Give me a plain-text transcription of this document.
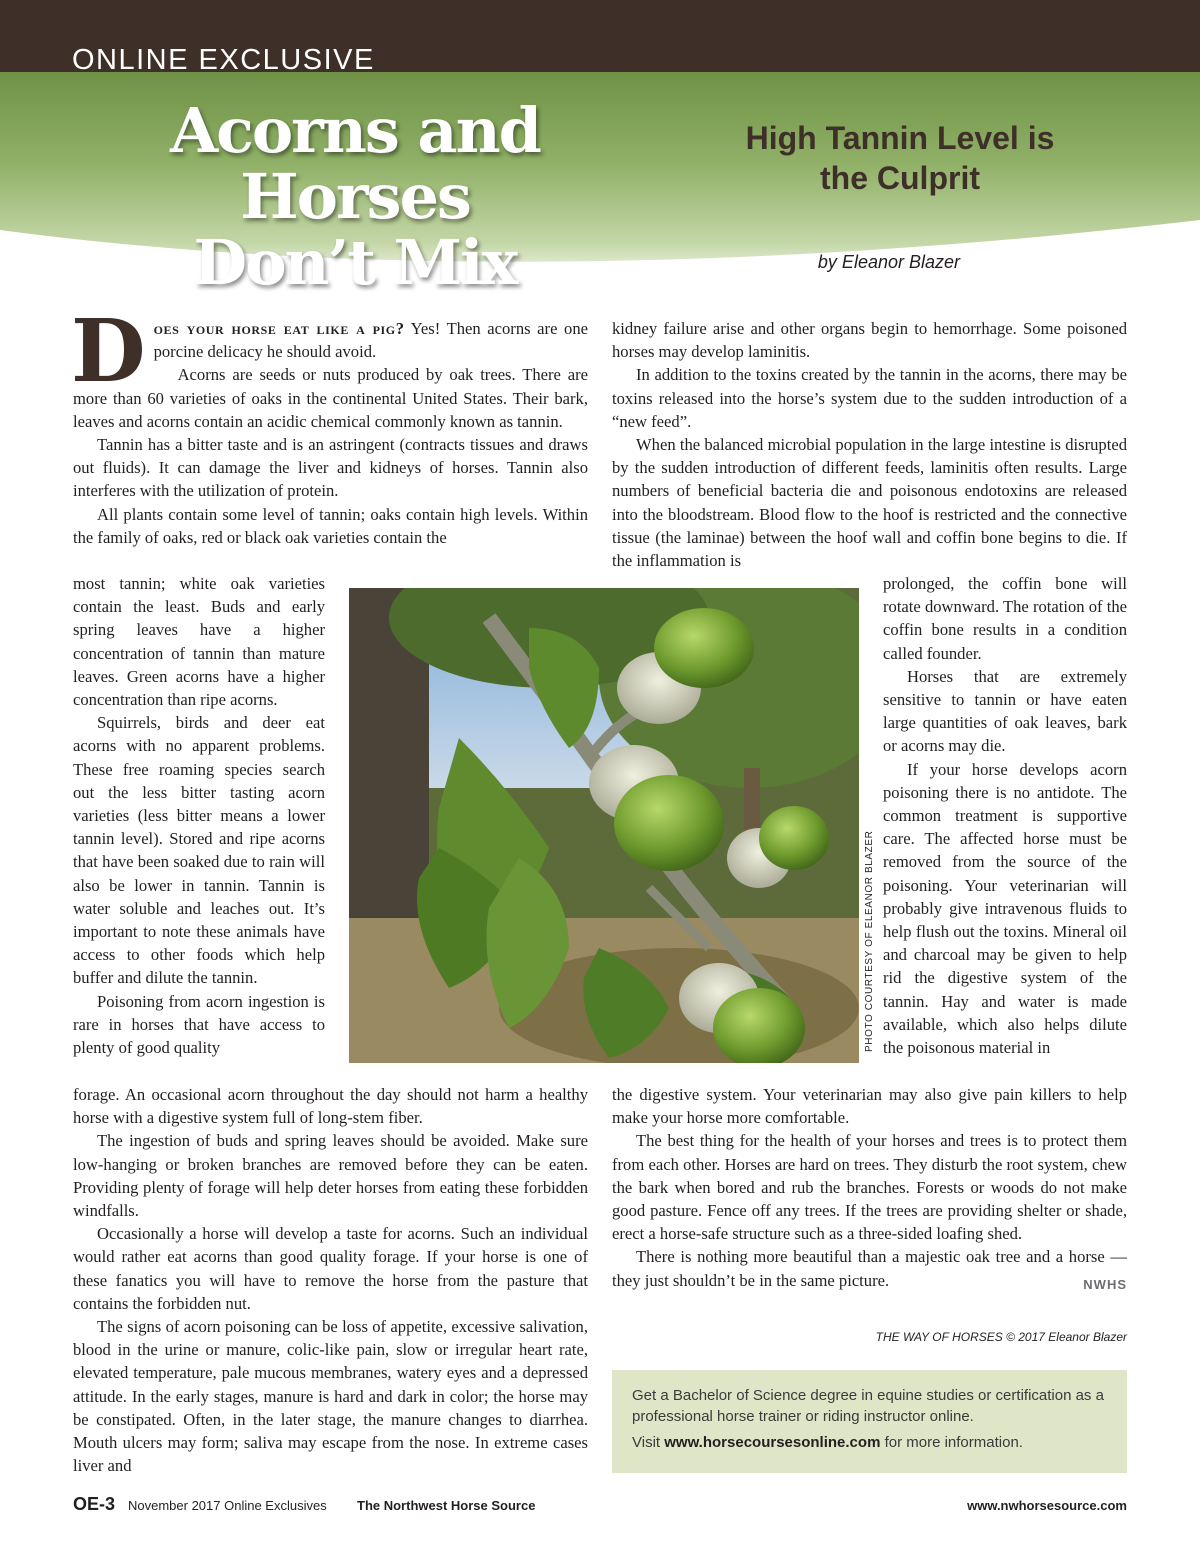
ONLINE EXCLUSIVE
Acorns and Horses
Don’t Mix
High Tannin Level is
the Culprit
by Eleanor Blazer

Does your horse eat like a pig? Yes! Then acorns are one porcine delicacy he should avoid.

Acorns are seeds or nuts produced by oak trees. There are more than 60 varieties of oaks in the continental United States. Their bark, leaves and acorns contain an acidic chemical commonly known as tannin.

Tannin has a bitter taste and is an astringent (contracts tissues and draws out fluids). It can damage the liver and kidneys of horses. Tannin also interferes with the utilization of protein.

All plants contain some level of tannin; oaks contain high levels. Within the family of oaks, red or black oak varieties contain the

most tannin; white oak varieties contain the least. Buds and early spring leaves have a higher concentration of tannin than mature leaves. Green acorns have a higher concentration than ripe acorns.

Squirrels, birds and deer eat acorns with no apparent problems. These free roaming species search out the less bitter tasting acorn varieties (less bitter means a lower tannin level). Stored and ripe acorns that have been soaked due to rain will also be lower in tannin. Tannin is water soluble and leaches out. It’s important to note these animals have access to other foods which help buffer and dilute the tannin.

Poisoning from acorn ingestion is rare in horses that have access to plenty of good quality

forage. An occasional acorn throughout the day should not harm a healthy horse with a digestive system full of long-stem fiber.

The ingestion of buds and spring leaves should be avoided. Make sure low-hanging or broken branches are removed before they can be eaten. Providing plenty of forage will help deter horses from eating these forbidden windfalls.

Occasionally a horse will develop a taste for acorns. Such an individual would rather eat acorns than good quality forage. If your horse is one of these fanatics you will have to remove the horse from the pasture that contains the forbidden nut.

The signs of acorn poisoning can be loss of appetite, excessive salivation, blood in the urine or manure, colic-like pain, slow or irregular heart rate, elevated temperature, pale mucous membranes, watery eyes and a depressed attitude. In the early stages, manure is hard and dark in color; the horse may be constipated. Often, in the later stage, the manure changes to diarrhea. Mouth ulcers may form; saliva may escape from the nose. In extreme cases liver and

kidney failure arise and other organs begin to hemorrhage. Some poisoned horses may develop laminitis.

In addition to the toxins created by the tannin in the acorns, there may be toxins released into the horse’s system due to the sudden introduction of a “new feed”.

When the balanced microbial population in the large intestine is disrupted by the sudden introduction of different feeds, laminitis often results. Large numbers of beneficial bacteria die and poisonous endotoxins are released into the bloodstream. Blood flow to the hoof is restricted and the connective tissue (the laminae) between the hoof wall and coffin bone begins to die. If the inflammation is

prolonged, the coffin bone will rotate downward. The rotation of the coffin bone results in a condition called founder.

Horses that are extremely sensitive to tannin or have eaten large quantities of oak leaves, bark or acorns may die.

If your horse develops acorn poisoning there is no antidote. The common treatment is supportive care. The affected horse must be removed from the source of the poisoning. Your veterinarian will probably give intravenous fluids to help flush out the toxins. Mineral oil and charcoal may be given to help rid the digestive system of the tannin. Hay and water is made available, which also helps dilute the poisonous material in

the digestive system. Your veterinarian may also give pain killers to help make your horse more comfortable.

The best thing for the health of your horses and trees is to protect them from each other. Horses are hard on trees. They disturb the root system, chew the bark when bored and rub the branches. Forests or woods do not make good pasture. Fence off any trees. If the trees are providing shelter or shade, erect a horse-safe structure such as a three-sided loafing shed.

There is nothing more beautiful than a majestic oak tree and a horse — they just shouldn’t be in the same picture.	NWHS

PHOTO COURTESY OF ELEANOR BLAZER
THE WAY OF HORSES © 2017 Eleanor Blazer
Get a Bachelor of Science degree in equine studies or certification as a professional horse trainer or riding instructor online.
Visit www.horsecoursesonline.com for more information.
OE-3 November 2017 Online Exclusives The Northwest Horse Source	www.nwhorsesource.com
